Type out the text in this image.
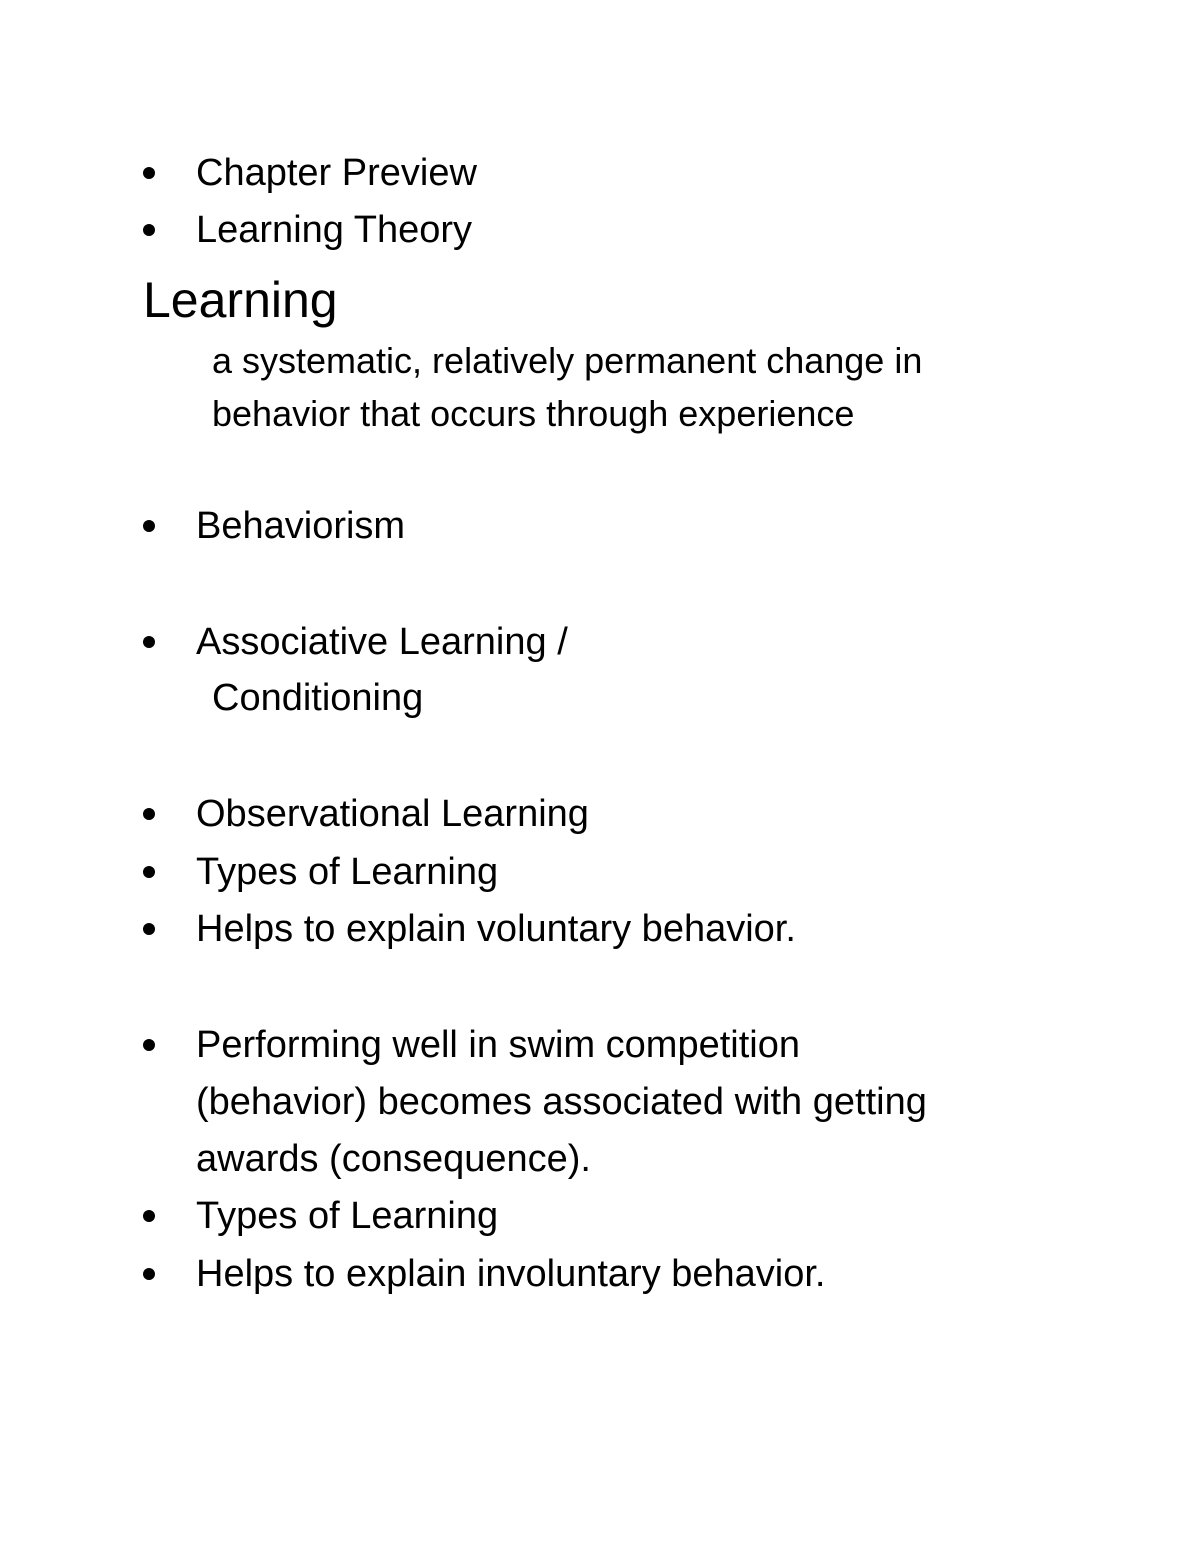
Chapter Preview
Learning Theory
Learning
a systematic, relatively permanent change in
behavior that occurs through experience
Behaviorism
Associative Learning /
Conditioning
Observational Learning
Types of Learning
Helps to explain voluntary behavior.
Performing well in swim competition
(behavior) becomes associated with getting
awards (consequence).
Types of Learning
Helps to explain involuntary behavior.
